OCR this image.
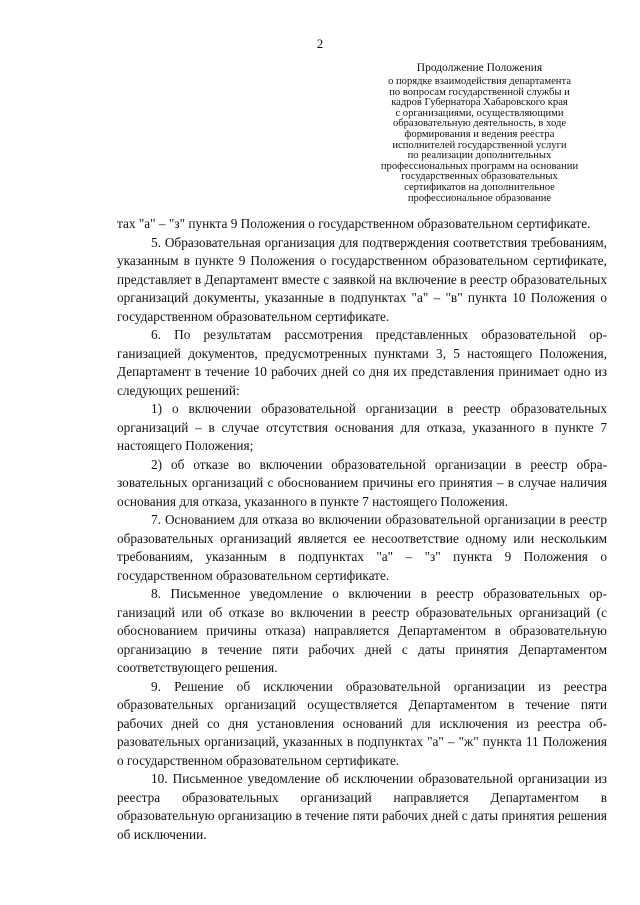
2
Продолжение Положения
о порядке взаимодействия департамента
по вопросам государственной службы и
кадров Губернатора Хабаровского края
с организациями, осуществляющими
образовательную деятельность, в ходе
формирования и ведения реестра
исполнителей государственной услуги
по реализации дополнительных
профессиональных программ на основании
государственных образовательных
сертификатов на дополнительное
профессиональное образование

тах "а" – "з" пункта 9 Положения о государственном образовательном сертификате.

5. Образовательная организация для подтверждения соответствия требованиям, указанным в пункте 9 Положения о государственном образовательном сертификате, представляет в Департамент вместе с заявкой на включение в реестр образовательных организаций документы, указанные в подпунктах "а" – "в" пункта 10 Положения о государственном образовательном сертификате.

6. По результатам рассмотрения представленных образовательной организацией документов, предусмотренных пунктами 3, 5 настоящего Положения, Департамент в течение 10 рабочих дней со дня их представления принимает одно из следующих решений:

1) о включении образовательной организации в реестр образовательных организаций – в случае отсутствия основания для отказа, указанного в пункте 7 настоящего Положения;

2) об отказе во включении образовательной организации в реестр образовательных организаций с обоснованием причины его принятия – в случае наличия основания для отказа, указанного в пункте 7 настоящего Положения.

7. Основанием для отказа во включении образовательной организации в реестр образовательных организаций является ее несоответствие одному или нескольким требованиям, указанным в подпунктах "а" – "з" пункта 9 Положения о государственном образовательном сертификате.

8. Письменное уведомление о включении в реестр образовательных организаций или об отказе во включении в реестр образовательных организаций (с обоснованием причины отказа) направляется Департаментом в образовательную организацию в течение пяти рабочих дней с даты принятия Департаментом соответствующего решения.

9. Решение об исключении образовательной организации из реестра образовательных организаций осуществляется Департаментом в течение пяти рабочих дней со дня установления оснований для исключения из реестра образовательных организаций, указанных в подпунктах "а" – "ж" пункта 11 Положения о государственном образовательном сертификате.

10. Письменное уведомление об исключении образовательной организации из реестра образовательных организаций направляется Департаментом в образовательную организацию в течение пяти рабочих дней с даты принятия решения об исключении.
